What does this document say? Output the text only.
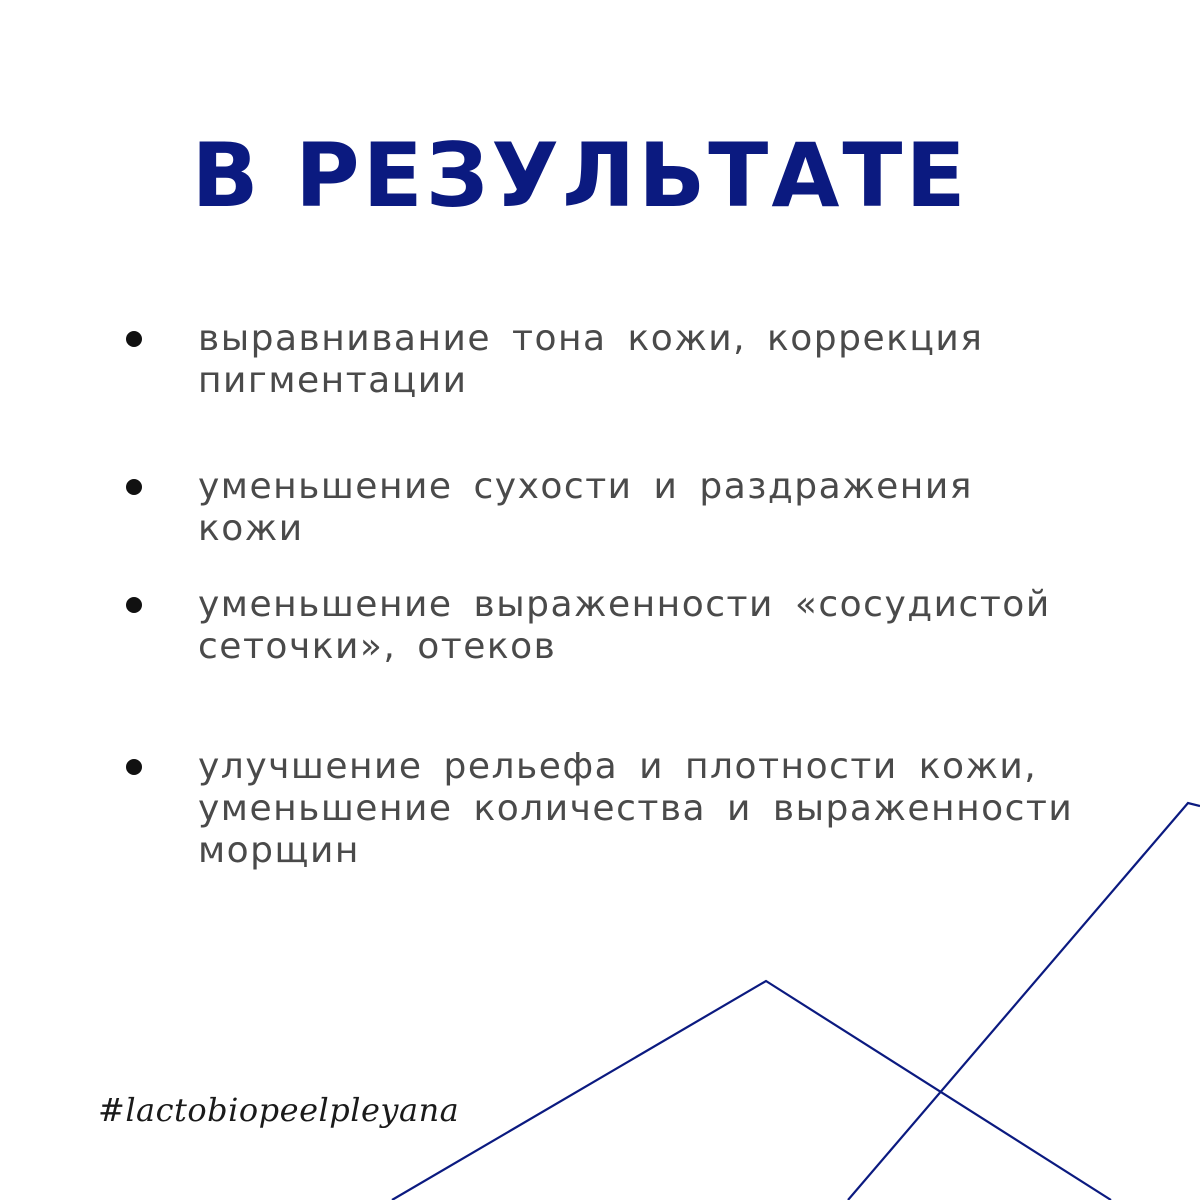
В РЕЗУЛЬТАТЕ
выравнивание тона кожи, коррекция пигментации
уменьшение сухости и раздражения кожи
уменьшение выраженности «сосудистой сеточки», отеков
улучшение рельефа и плотности кожи, уменьшение количества и выраженности морщин
#lactobiopeelpleyana
